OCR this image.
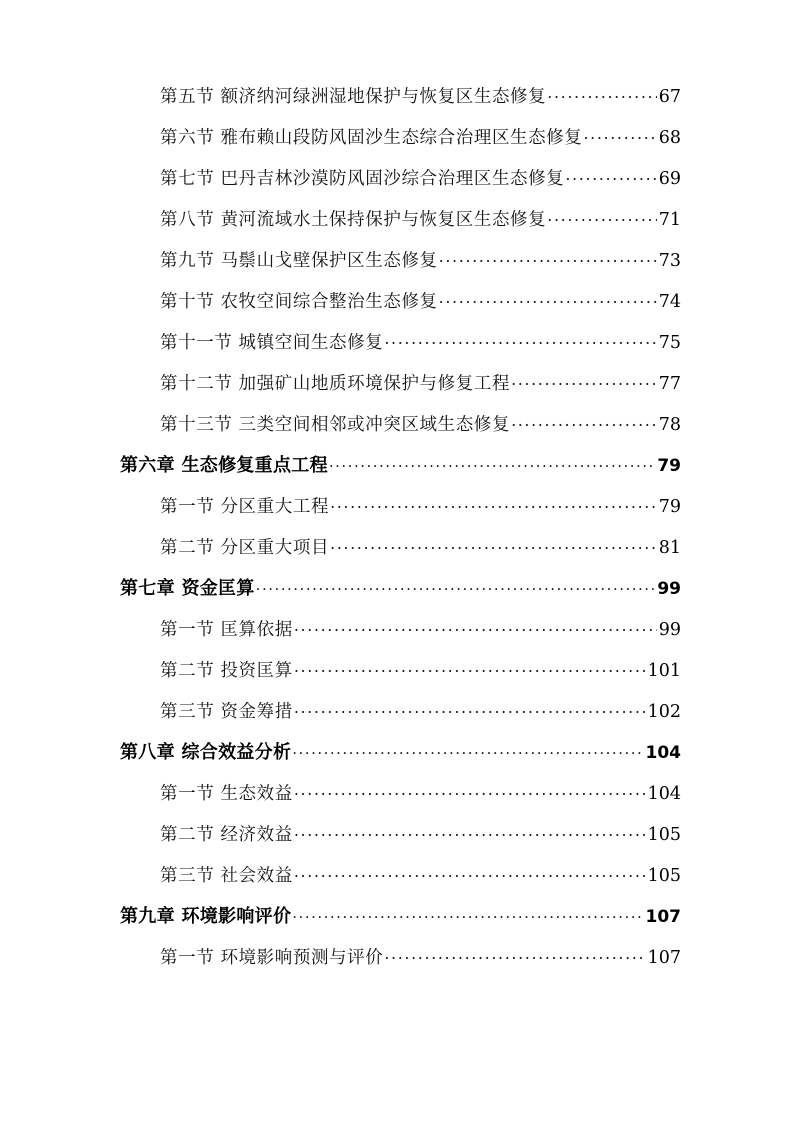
第五节 额济纳河绿洲湿地保护与恢复区生态修复 .....	67
第六节 雅布赖山段防风固沙生态综合治理区生态修复 .....	68
第七节 巴丹吉林沙漠防风固沙综合治理区生态修复 .....	69
第八节 黄河流域水土保持保护与恢复区生态修复 .....	71
第九节 马鬃山戈壁保护区生态修复 .....	73
第十节 农牧空间综合整治生态修复 .....	74
第十一节 城镇空间生态修复 .....	75
第十二节 加强矿山地质环境保护与修复工程 .....	77
第十三节 三类空间相邻或冲突区域生态修复 .....	78
第六章 生态修复重点工程 .....	79
第一节 分区重大工程 .....	79
第二节 分区重大项目 .....	81
第七章 资金匡算 .....	99
第一节 匡算依据 .....	99
第二节 投资匡算 .....	101
第三节 资金筹措 .....	102
第八章 综合效益分析 .....	104
第一节 生态效益 .....	104
第二节 经济效益 .....	105
第三节 社会效益 .....	105
第九章 环境影响评价 .....	107
第一节 环境影响预测与评价 .....	107
